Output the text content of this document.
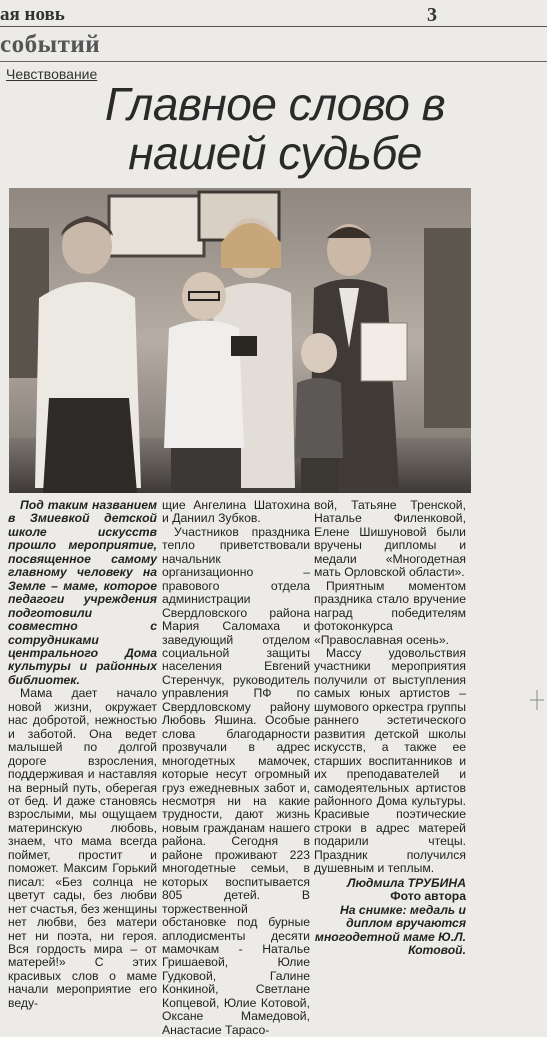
ая новь	3
событий
Чевствование
Главное слово в нашей судьбе

Под таким названием в Змиевкой детской школе искусств прошло мероприятие, посвященное самому главному человеку на Земле – маме, которое педагоги учреждения подготовили совместно с сотрудниками центрального Дома культуры и районных библиотек.

Мама дает начало новой жизни, окружает нас добротой, нежностью и заботой. Она ведет малышей по долгой дороге взросления, поддерживая и наставляя на верный путь, оберегая от бед. И даже становясь взрослыми, мы ощущаем материнскую любовь, знаем, что мама всегда поймет, простит и поможет. Максим Горький писал: «Без солнца не цветут сады, без любви нет счастья, без женщины нет любви, без матери нет ни поэта, ни героя. Вся гордость мира – от матерей!» С этих красивых слов о маме начали мероприятие его веду-

щие Ангелина Шатохина и Даниил Зубков.

Участников праздника тепло приветствовали начальник организационно – правового отдела администрации Свердловского района Мария Саломаха и заведующий отделом социальной защиты населения Евгений Стеренчук, руководитель управления ПФ по Свердловскому району Любовь Яшина. Особые слова благодарности прозвучали в адрес многодетных мамочек, которые несут огромный груз ежедневных забот и, несмотря ни на какие трудности, дают жизнь новым гражданам нашего района. Сегодня в районе проживают 223 многодетные семьи, в которых воспитывается 805 детей. В торжественной обстановке под бурные аплодисменты десяти мамочкам - Наталье Гришаевой, Юлие Гудковой, Галине Конкиной, Светлане Копцевой, Юлие Котовой, Оксане Мамедовой, Анастасие Тарасо-

вой, Татьяне Тренской, Наталье Филенковой, Елене Шишуновой были вручены дипломы и медали «Многодетная мать Орловской области».

Приятным моментом праздника стало вручение наград победителям фотоконкурса «Православная осень».

Массу удовольствия участники мероприятия получили от выступления самых юных артистов – шумового оркестра группы раннего эстетического развития детской школы искусств, а также ее старших воспитанников и их преподавателей и самодеятельных артистов районного Дома культуры. Красивые поэтические строки в адрес матерей подарили чтецы. Праздник получился душевным и теплым.

Людмила ТРУБИНА
Фото автора
На снимке: медаль и диплом вручаются многодетной маме Ю.Л. Котовой.
